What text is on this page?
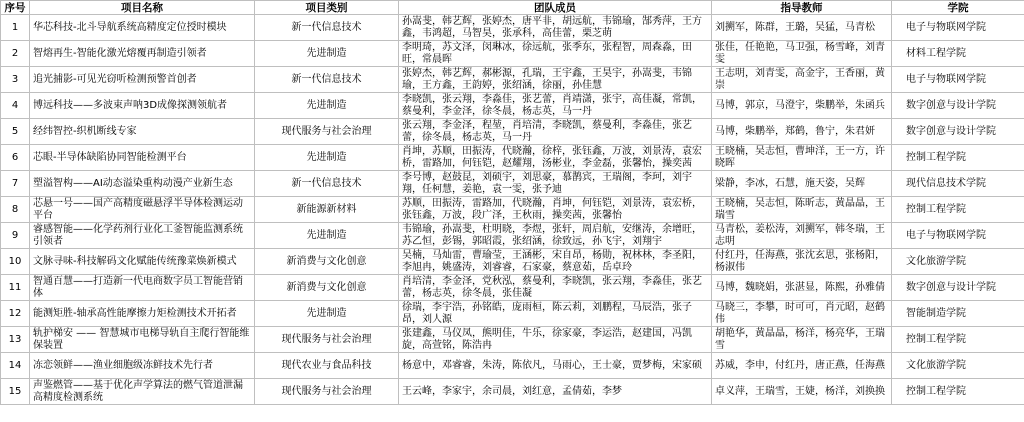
序号	项目名称	项目类别	团队成员	指导教师	学院
1	华芯科技-北斗导航系统高精度定位授时模块	新一代信息技术	孙嵩斐，韩艺辉，张婷杰，唐平非，胡远航，韦锦瑜，郜秀萍，王方鑫，韦鸿超，马智昊，张承科，高佳蕾，栗芝萌	刘搠军，陈群，王璐，吴猛，马青松	电子与物联网学院
2	智熔再生-智能化激光熔覆再制造引领者	先进制造	李明琦，苏文泽，闵琳冰，徐远航，张季东，张程智，周森淼，田旺，常晨晖	张佳，任艳艳，马卫强，杨雪峰，刘青雯	材料工程学院
3	追光捕影-可见光窃听检测预警首创者	新一代信息技术	张婷杰，韩艺辉，郝彬源，孔瑞，王宇鑫，王昊宇，孙嵩斐，韦锦瑜，王方鑫，王韵婷，张绍涵，徐丽，孙佳慧	王志明，刘青雯，高金宇，王香丽，黄崇	电子与物联网学院
4	博远科技——多波束声呐3D成像探测领航者	先进制造	李晓凯，张云翔，李淼佳，张艺蕾，肖靖潇，张宇，高佳凝，常凯，蔡曼利，李金泽，徐冬晨，杨志英，马一丹	马博，郭京，马澄宇，柴鹏举，朱函兵	数字创意与设计学院
5	经纬智控-织机断线专家	现代服务与社会治理	张云翔，李金泽，程堃，肖培清，李晓凯，蔡曼利，李淼佳，张艺蕾，徐冬晨，杨志英，马一丹	马博，柴鹏举，郑鹤，鲁宁，朱君妍	数字创意与设计学院
6	芯眼-半导体缺陷协同智能检测平台	先进制造	肖坤，苏顺，田振涛，代晓瀚，徐梓，张钰鑫，万波，刘景涛，袁宏桥，雷路加，何钰铠，赵耀翔，汤彬业，李金磊，张馨怡，操奕茜	王晓楠，吴志恒，曹坤洋，王一方，许晓晖	控制工程学院
7	塑溢智构——AI动态溢染重构动漫产业新生态	新一代信息技术	李号博，赵鼓昆，刘硕宇，刘思豪，慕鹊宾，王瑞阁，李珂，刘宇翔，任柯慧，姜艳，袁一雯，张予迪	梁静，李冰，石慧，施天姿，吴辉	现代信息技术学院
8	芯悬一号——国产高精度磁悬浮半导体检测运动平台	新能源新材料	苏顺，田振涛，雷路加，代晓瀚，肖坤，何钰铠，刘景涛，袁宏桥，张钰鑫，万波，段广泽，王秋雨，操奕茜，张馨怡	王晓楠，吴志恒，陈昕志，黄晶晶，王瑞雪	控制工程学院
9	睿感智能——化学药剂行业化工釜智能监测系统引领者	先进制造	韦锦瑜，孙嵩斐，杜明晓，李煜，张轩，周启航，安继涛，余增旺，苏乙恒，彭锡，郭昭霞，张绍涵，徐致远，孙飞宇，刘翔宇	马青松，姜松涛，刘搠军，韩冬瑞，王志明	电子与物联网学院
10	文脉寻味-科技解码文化赋能传统豫菜焕新模式	新消费与文化创意	吴楠，马灿雷，曹瑜莹，王涵彬，宋自昂，杨勋，祝林林，李圣阳，李旭冉，姚盛涛，刘睿睿，石家豪，蔡意茹，岳卓玲	付红丹，任海燕，张沈玄思，张杨阳，杨淑伟	文化旅游学院
11	智通百慧——打造新一代电商数字员工智能营销体	新消费与文化创意	肖培清，李金泽，党秋泓，蔡曼利，李晓凯，张云翔，李淼佳，张艺蕾，杨志英，徐冬晨，张佳凝	马博，魏晓娟，张湛显，陈熙，孙雅倩	数字创意与设计学院
12	能测矩胜-轴承高性能摩擦力矩检测技术开拓者	先进制造	徐瑞，李宇浩，孙铭皓，庞雨桓，陈云莉，刘鹏程，马辰浩，张子昂，刘人源	马晓三，李攀，时可可，肖元昭，赵鹤伟	智能制造学院
13	轨护梯安 —— 智慧城市电梯导轨自主爬行智能维保装置	现代服务与社会治理	张建鑫，马仪凤，熊明佳，牛乐，徐家豪，李运浩，赵建国，冯凯旋，高萱铭，陈浩冉	胡艳华，黄晶晶，杨洋，杨亮华，王瑞雪	控制工程学院
14	冻恋领鲜——渔业细胞级冻鲜技术先行者	现代农业与食品科技	杨意中，邓睿睿，朱涛，陈依凡，马雨心，王士豪，贾梦梅，宋家硕	苏威，李申，付红丹，唐正燕，任海燕	文化旅游学院
15	声鉴燃管——基于优化声学算法的燃气管道泄漏高精度检测系统	现代服务与社会治理	王云峰，李家宇，余司晨，刘红意，孟倩茹，李梦	卓义萍，王瑞雪，王婕，杨洋，刘换换	控制工程学院
